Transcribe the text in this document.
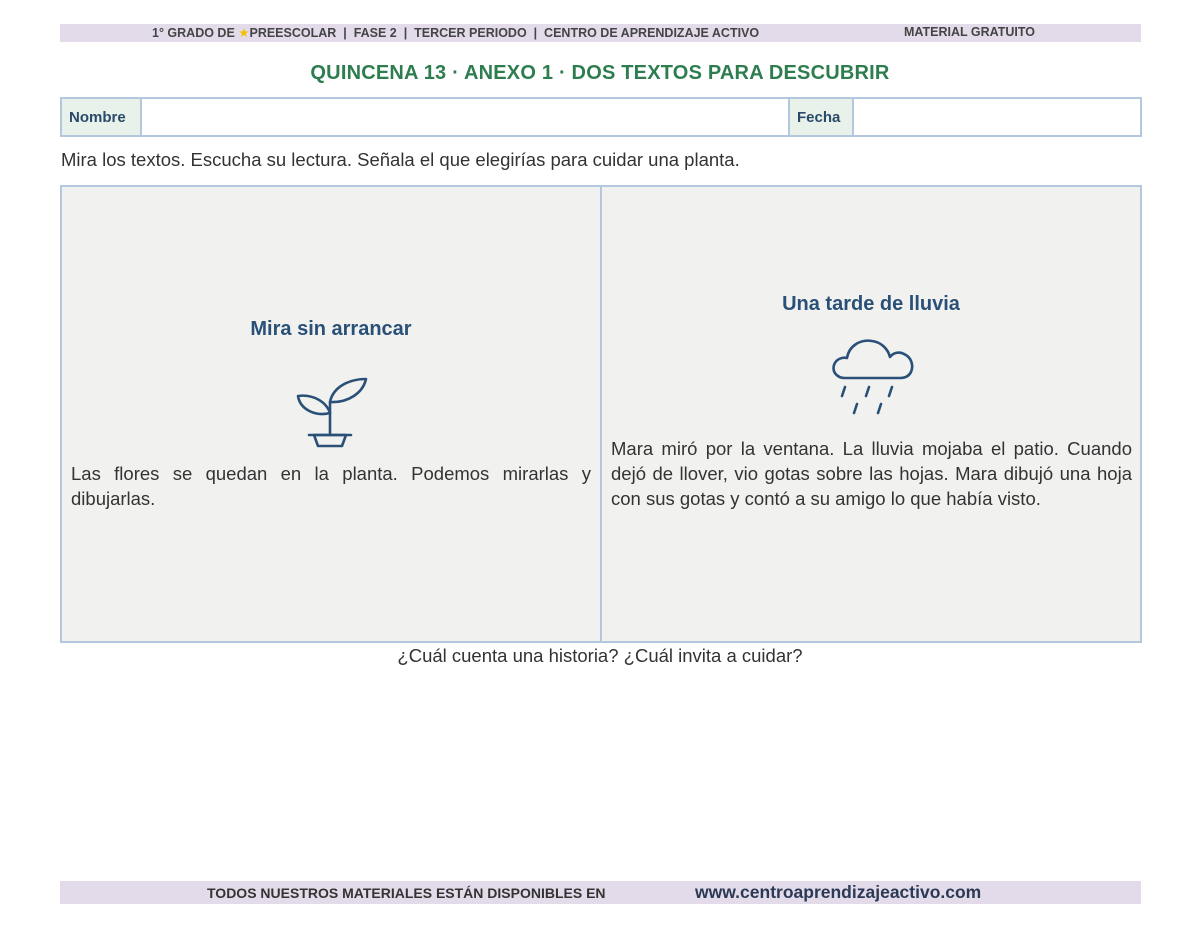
1° GRADO DE ★PREESCOLAR  |  FASE 2  |  TERCER PERIODO  |  CENTRO DE APRENDIZAJE ACTIVO	MATERIAL GRATUITO
QUINCENA 13 · ANEXO 1 · DOS TEXTOS PARA DESCUBRIR
Nombre	Fecha
Mira los textos. Escucha su lectura. Señala el que elegirías para cuidar una planta.
Mira sin arrancar
Las flores se quedan en la planta. Podemos mirarlas y dibujarlas.
Una tarde de lluvia
Mara miró por la ventana. La lluvia mojaba el patio. Cuando dejó de llover, vio gotas sobre las hojas. Mara dibujó una hoja con sus gotas y contó a su amigo lo que había visto.
¿Cuál cuenta una historia? ¿Cuál invita a cuidar?
TODOS NUESTROS MATERIALES ESTÁN DISPONIBLES EN	www.centroaprendizajeactivo.com
